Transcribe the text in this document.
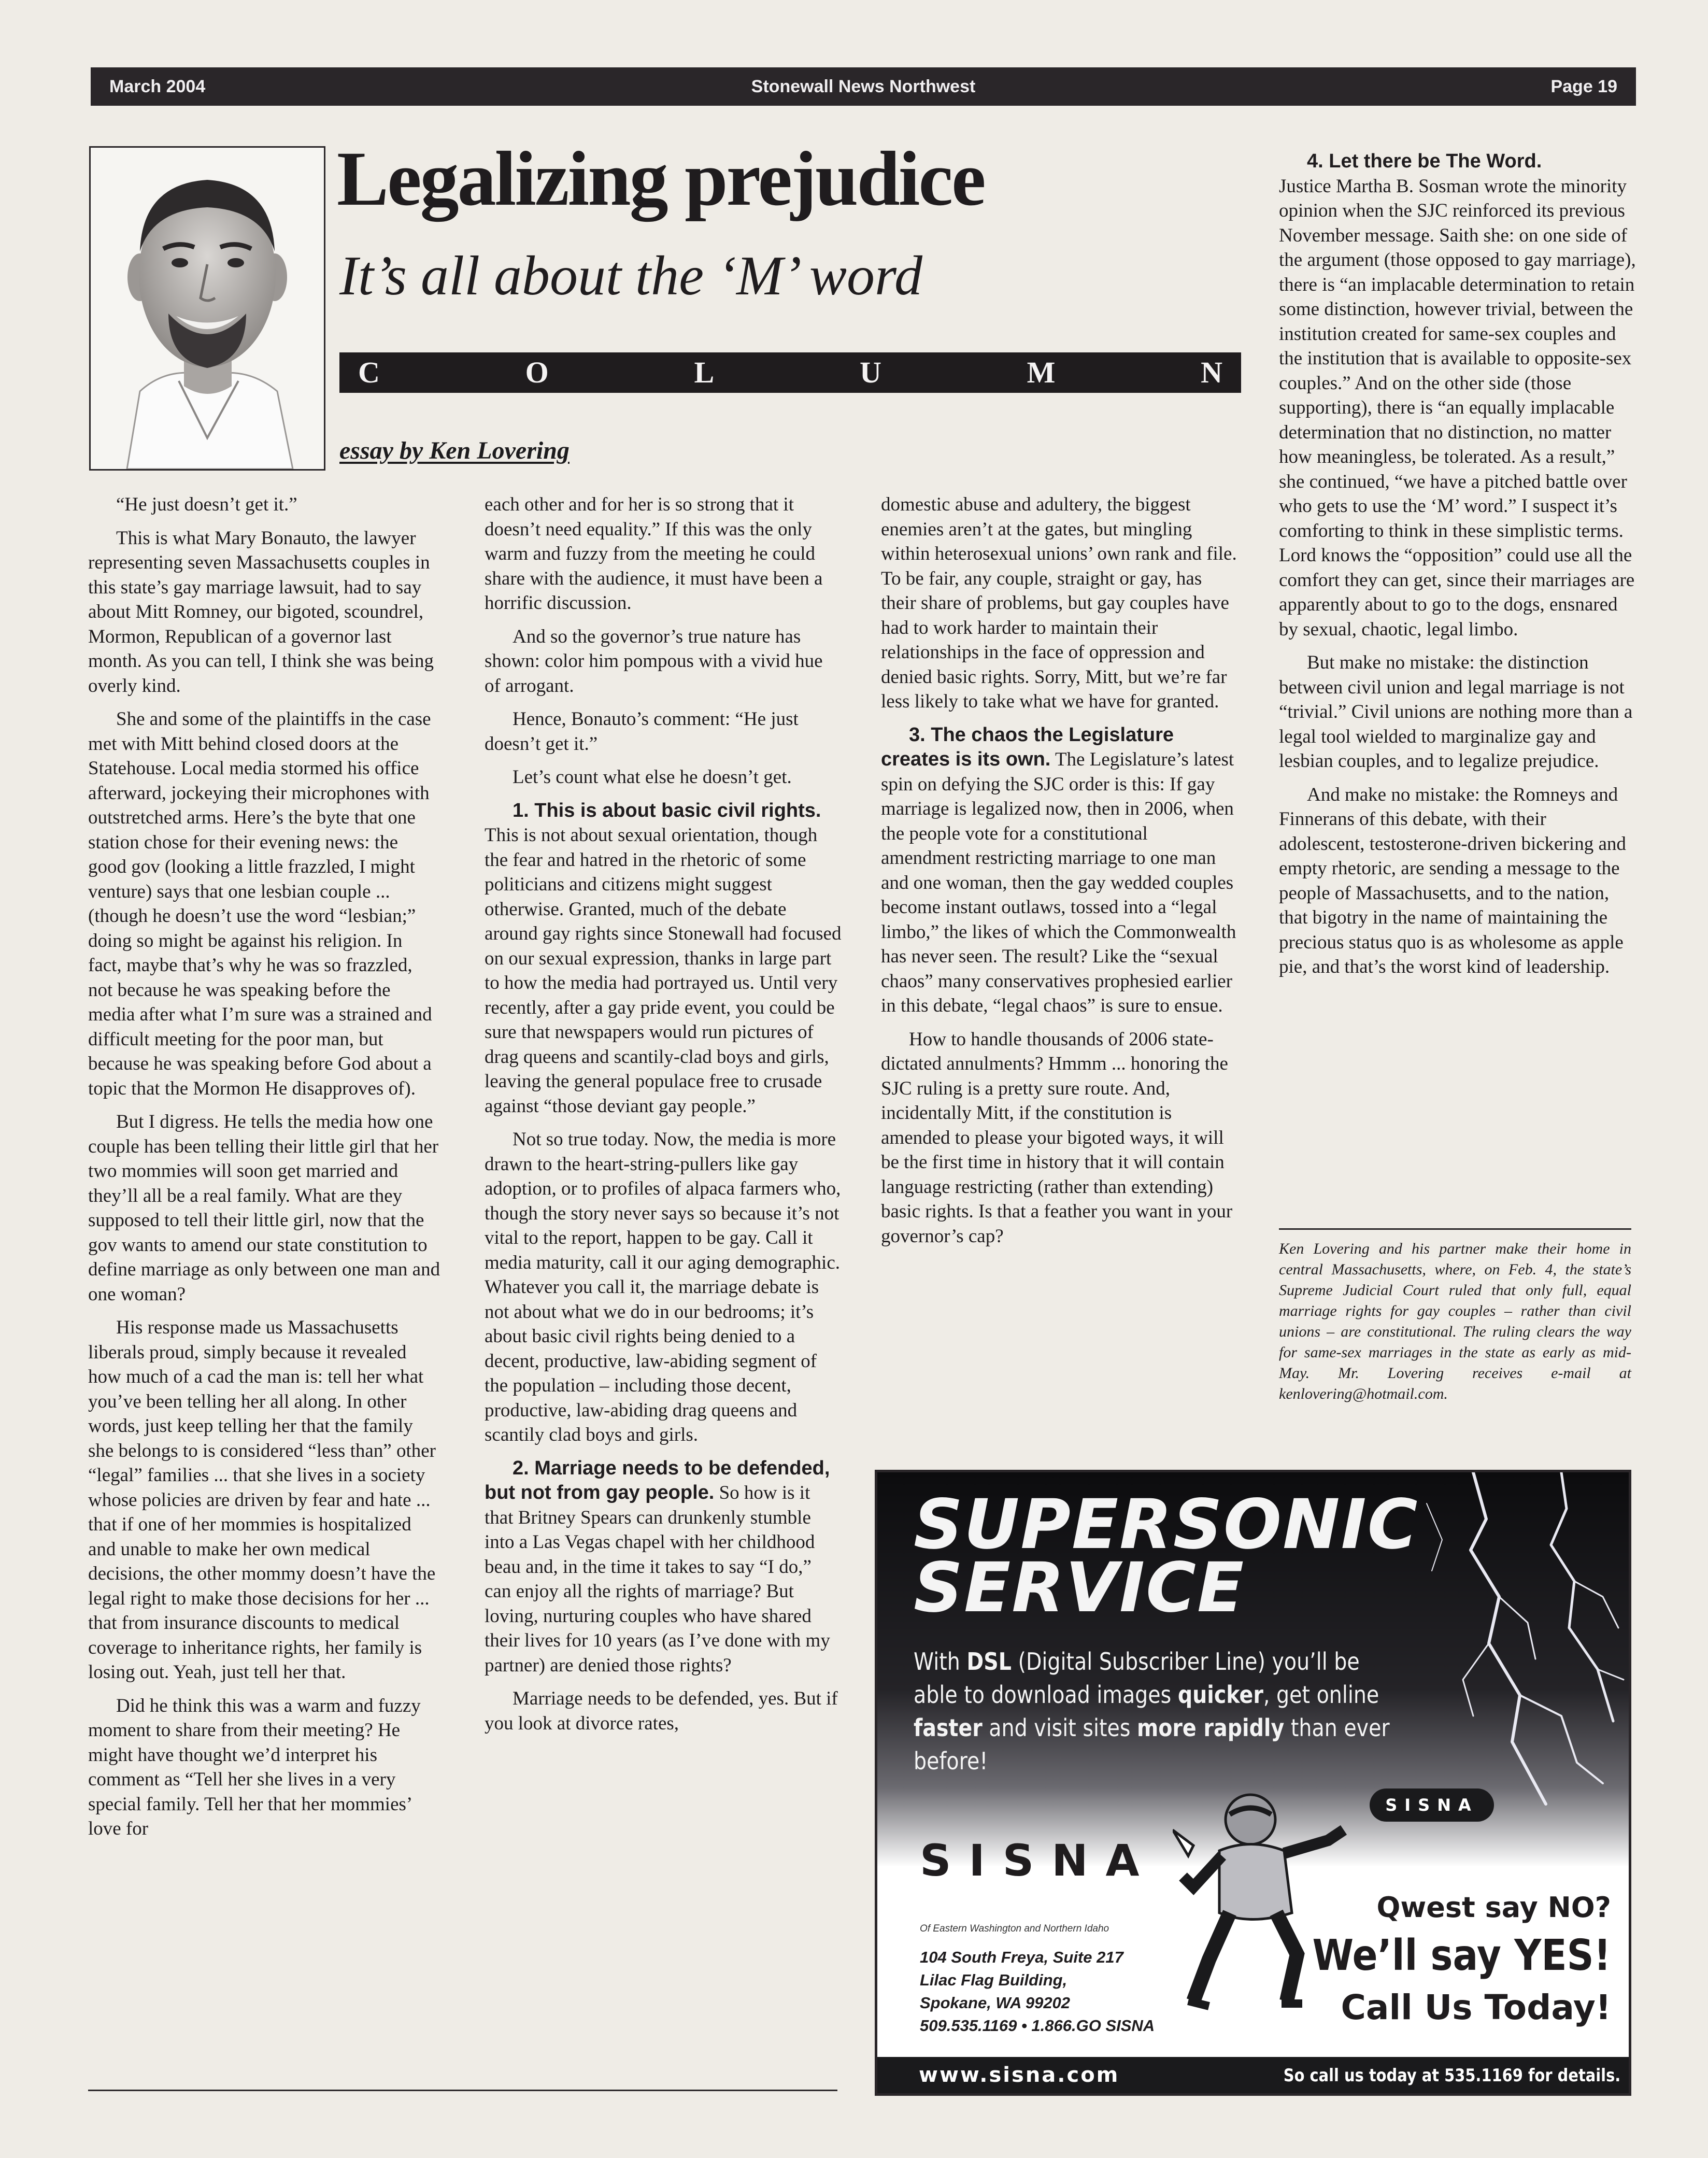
March 2004	Stonewall News Northwest	Page 19
Legalizing prejudice
It’s all about the ‘M’ word
C	O	L	U	M	N
essay by Ken Lovering

“He just doesn’t get it.”

This is what Mary Bonauto, the lawyer representing seven Massachusetts couples in this state’s gay marriage lawsuit, had to say about Mitt Romney, our bigoted, scoundrel, Mormon, Republican of a governor last month. As you can tell, I think she was being overly kind.

She and some of the plaintiffs in the case met with Mitt behind closed doors at the Statehouse. Local media stormed his office afterward, jockeying their microphones with outstretched arms. Here’s the byte that one station chose for their evening news: the good gov (looking a little frazzled, I might venture) says that one lesbian couple ... (though he doesn’t use the word “lesbian;” doing so might be against his religion. In fact, maybe that’s why he was so frazzled, not because he was speaking before the media after what I’m sure was a strained and difficult meeting for the poor man, but because he was speaking before God about a topic that the Mormon He disapproves of).

But I digress. He tells the media how one couple has been telling their little girl that her two mommies will soon get married and they’ll all be a real family. What are they supposed to tell their little girl, now that the gov wants to amend our state constitution to define marriage as only between one man and one woman?

His response made us Massachusetts liberals proud, simply because it revealed how much of a cad the man is: tell her what you’ve been telling her all along. In other words, just keep telling her that the family she belongs to is considered “less than” other “legal” families ... that she lives in a society whose policies are driven by fear and hate ... that if one of her mommies is hospitalized and unable to make her own medical decisions, the other mommy doesn’t have the legal right to make those decisions for her ... that from insurance discounts to medical coverage to inheritance rights, her family is losing out. Yeah, just tell her that.

Did he think this was a warm and fuzzy moment to share from their meeting? He might have thought we’d interpret his comment as “Tell her she lives in a very special family. Tell her that her mommies’ love for

each other and for her is so strong that it doesn’t need equality.” If this was the only warm and fuzzy from the meeting he could share with the audience, it must have been a horrific discussion.

And so the governor’s true nature has shown: color him pompous with a vivid hue of arrogant.

Hence, Bonauto’s comment: “He just doesn’t get it.”

Let’s count what else he doesn’t get.

1. This is about basic civil rights. This is not about sexual orientation, though the fear and hatred in the rhetoric of some politicians and citizens might suggest otherwise. Granted, much of the debate around gay rights since Stonewall had focused on our sexual expression, thanks in large part to how the media had portrayed us. Until very recently, after a gay pride event, you could be sure that newspapers would run pictures of drag queens and scantily-clad boys and girls, leaving the general populace free to crusade against “those deviant gay people.”

Not so true today. Now, the media is more drawn to the heart-string-pullers like gay adoption, or to profiles of alpaca farmers who, though the story never says so because it’s not vital to the report, happen to be gay. Call it media maturity, call it our aging demographic. Whatever you call it, the marriage debate is not about what we do in our bedrooms; it’s about basic civil rights being denied to a decent, productive, law-abiding segment of the population – including those decent, productive, law-abiding drag queens and scantily clad boys and girls.

2. Marriage needs to be defended, but not from gay people. So how is it that Britney Spears can drunkenly stumble into a Las Vegas chapel with her childhood beau and, in the time it takes to say “I do,” can enjoy all the rights of marriage? But loving, nurturing couples who have shared their lives for 10 years (as I’ve done with my partner) are denied those rights?

Marriage needs to be defended, yes. But if you look at divorce rates,

domestic abuse and adultery, the biggest enemies aren’t at the gates, but mingling within heterosexual unions’ own rank and file. To be fair, any couple, straight or gay, has their share of problems, but gay couples have had to work harder to maintain their relationships in the face of oppression and denied basic rights. Sorry, Mitt, but we’re far less likely to take what we have for granted.

3. The chaos the Legislature creates is its own. The Legislature’s latest spin on defying the SJC order is this: If gay marriage is legalized now, then in 2006, when the people vote for a constitutional amendment restricting marriage to one man and one woman, then the gay wedded couples become instant outlaws, tossed into a “legal limbo,” the likes of which the Commonwealth has never seen. The result? Like the “sexual chaos” many conservatives prophesied earlier in this debate, “legal chaos” is sure to ensue.

How to handle thousands of 2006 state-dictated annulments? Hmmm ... honoring the SJC ruling is a pretty sure route. And, incidentally Mitt, if the constitution is amended to please your bigoted ways, it will be the first time in history that it will contain language restricting (rather than extending) basic rights. Is that a feather you want in your governor’s cap?

4. Let there be The Word.

Justice Martha B. Sosman wrote the minority opinion when the SJC reinforced its previous November message. Saith she: on one side of the argument (those opposed to gay marriage), there is “an implacable determination to retain some distinction, however trivial, between the institution created for same-sex couples and the institution that is available to opposite-sex couples.” And on the other side (those supporting), there is “an equally implacable determination that no distinction, no matter how meaningless, be tolerated. As a result,” she continued, “we have a pitched battle over who gets to use the ‘M’ word.” I suspect it’s comforting to think in these simplistic terms. Lord knows the “opposition” could use all the comfort they can get, since their marriages are apparently about to go to the dogs, ensnared by sexual, chaotic, legal limbo.

But make no mistake: the distinction between civil union and legal marriage is not “trivial.” Civil unions are nothing more than a legal tool wielded to marginalize gay and lesbian couples, and to legalize prejudice.

And make no mistake: the Romneys and Finnerans of this debate, with their adolescent, testosterone-driven bickering and empty rhetoric, are sending a message to the people of Massachusetts, and to the nation, that bigotry in the name of maintaining the precious status quo is as wholesome as apple pie, and that’s the worst kind of leadership.

Ken Lovering and his partner make their home in central Massachusetts, where, on Feb. 4, the state’s Supreme Judicial Court ruled that only full, equal marriage rights for gay couples – rather than civil unions – are constitutional. The ruling clears the way for same-sex marriages in the state as early as mid-May. Mr. Lovering receives e-mail at kenlovering@hotmail.com.
SUPERSONIC
SERVICE
With DSL (Digital Subscriber Line) you’ll be able to download images quicker, get online faster and visit sites more rapidly than ever before!
SISNA
Of Eastern Washington and Northern Idaho
104 South Freya, Suite 217
Lilac Flag Building,
Spokane, WA 99202
509.535.1169 • 1.866.GO SISNA
SISNA
Qwest say NO?
We’ll say YES!
Call Us Today!
www.sisna.com	So call us today at 535.1169 for details.
